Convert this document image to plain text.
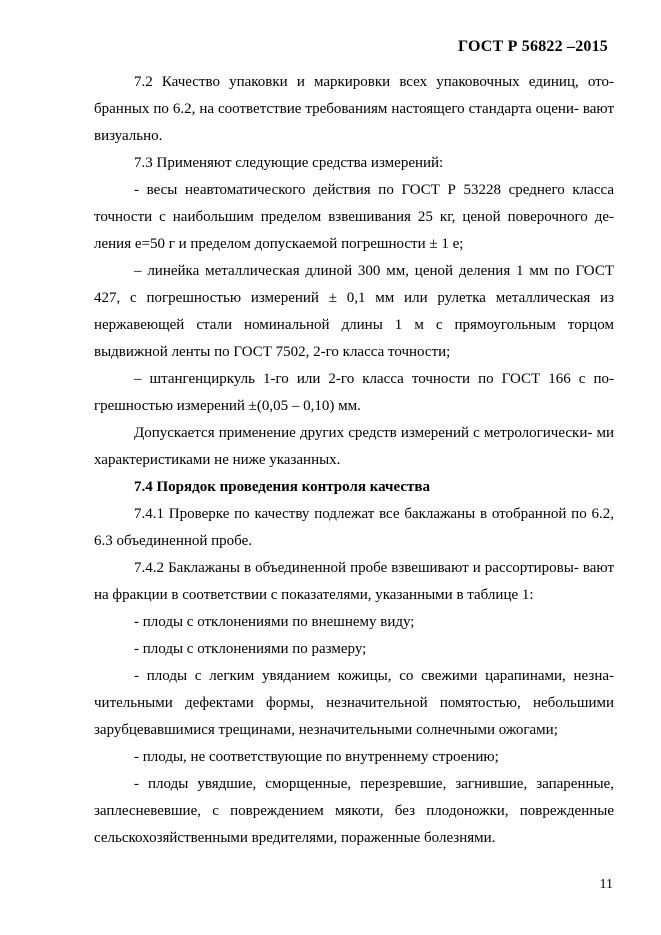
ГОСТ Р 56822 –2015

7.2 Качество упаковки и маркировки всех упаковочных единиц, ото- бранных по 6.2, на соответствие требованиям настоящего стандарта оцени- вают визуально.

7.3 Применяют следующие средства измерений:

- весы неавтоматического действия по ГОСТ Р 53228 среднего класса точности с наибольшим пределом взвешивания 25 кг, ценой поверочного де- ления e=50 г и пределом допускаемой погрешности ± 1 e;

– линейка металлическая длиной 300 мм, ценой деления 1 мм по ГОСТ 427, с погрешностью измерений ± 0,1 мм или рулетка металлическая из нержавеющей стали номинальной длины 1 м с прямоугольным торцом выдвижной ленты по ГОСТ 7502, 2-го класса точности;

– штангенциркуль 1-го или 2-го класса точности по ГОСТ 166 с по- грешностью измерений ±(0,05 – 0,10) мм.

Допускается применение других средств измерений с метрологически- ми характеристиками не ниже указанных.

7.4 Порядок проведения контроля качества

7.4.1 Проверке по качеству подлежат все баклажаны в отобранной по 6.2, 6.3 объединенной пробе.

7.4.2 Баклажаны в объединенной пробе взвешивают и рассортировы- вают на фракции в соответствии с показателями, указанными в таблице 1:

- плоды с отклонениями по внешнему виду;

- плоды с отклонениями по размеру;

- плоды с легким увяданием кожицы, со свежими царапинами, незна- чительными дефектами формы, незначительной помятостью, небольшими зарубцевавшимися трещинами, незначительными солнечными ожогами;

- плоды, не соответствующие по внутреннему строению;

- плоды увядшие, сморщенные, перезревшие, загнившие, запаренные, заплесневевшие, с повреждением мякоти, без плодоножки, поврежденные сельскохозяйственными вредителями, пораженные болезнями.

11
